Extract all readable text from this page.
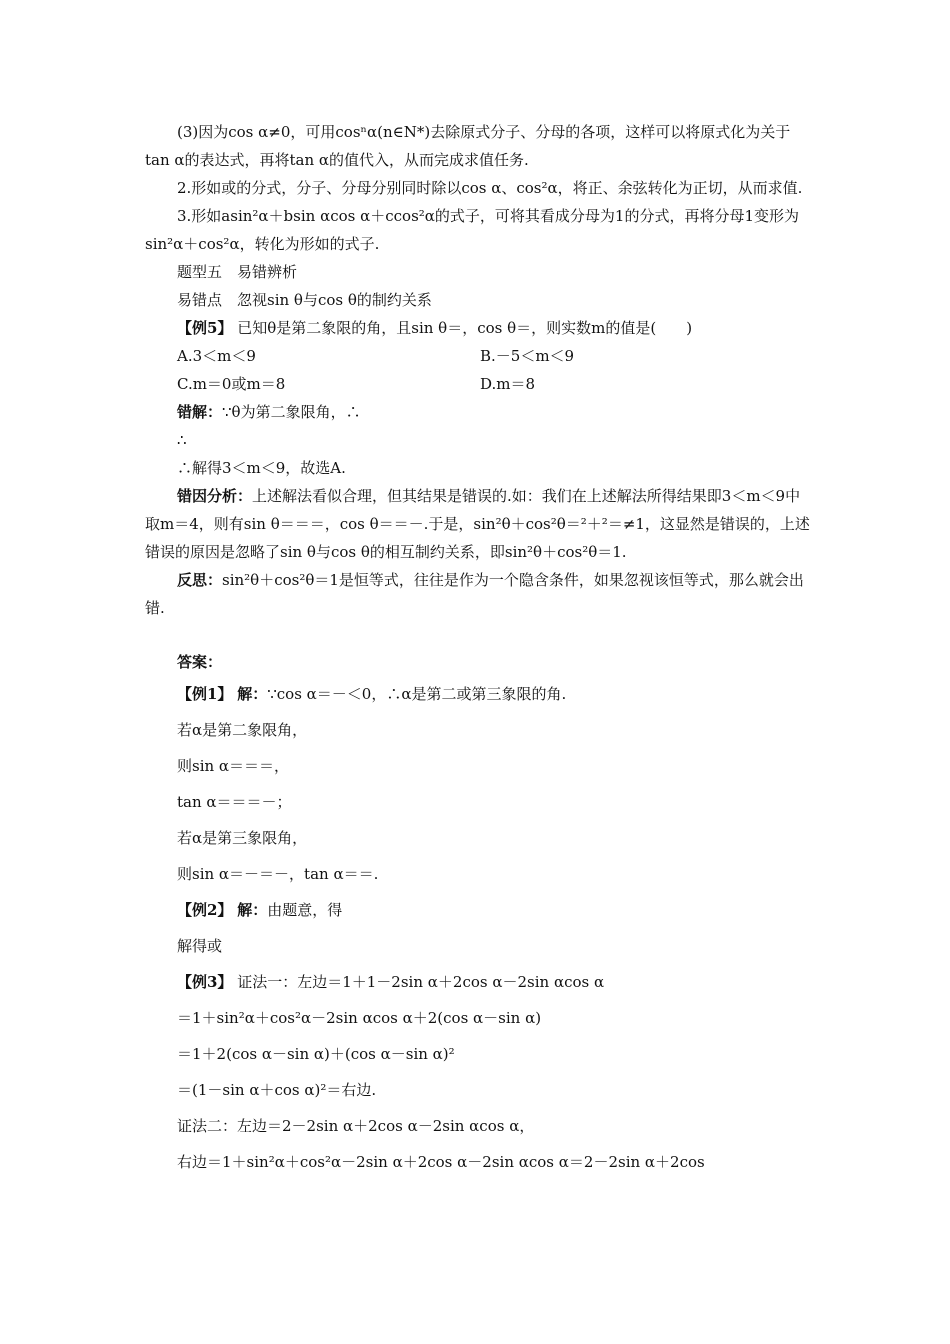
(3)因为cos α≠0，可用cosⁿα(n∈N*)去除原式分子、分母的各项，这样可以将原式化为关于tan α的表达式，再将tan α的值代入，从而完成求值任务.

2.形如或的分式，分子、分母分别同时除以cos α、cos²α，将正、余弦转化为正切，从而求值.

3.形如asin²α＋bsin αcos α＋ccos²α的式子，可将其看成分母为1的分式，再将分母1变形为sin²α＋cos²α，转化为形如的式子.

题型五　易错辨析

易错点　忽视sin θ与cos θ的制约关系

【例5】 已知θ是第二象限的角，且sin θ＝，cos θ＝，则实数m的值是(　　)

A.3＜m＜9	B.－5＜m＜9
C.m＝0或m＝8	D.m＝8

错解：∵θ为第二象限角，∴

∴

∴解得3＜m＜9，故选A.

错因分析：上述解法看似合理，但其结果是错误的.如：我们在上述解法所得结果即3＜m＜9中取m＝4，则有sin θ＝＝＝，cos θ＝＝－.于是，sin²θ＋cos²θ＝²＋²＝≠1，这显然是错误的，上述错误的原因是忽略了sin θ与cos θ的相互制约关系，即sin²θ＋cos²θ＝1.

反思：sin²θ＋cos²θ＝1是恒等式，往往是作为一个隐含条件，如果忽视该恒等式，那么就会出错.

答案：

【例1】 解：∵cos α＝－＜0，∴α是第二或第三象限的角.

若α是第二象限角，

则sin α＝＝＝，

tan α＝＝＝－；

若α是第三象限角，

则sin α＝－＝－，tan α＝＝.

【例2】 解：由题意，得

解得或

【例3】 证法一：左边＝1＋1－2sin α＋2cos α－2sin αcos α

＝1＋sin²α＋cos²α－2sin αcos α＋2(cos α－sin α)

＝1＋2(cos α－sin α)＋(cos α－sin α)²

＝(1－sin α＋cos α)²＝右边.

证法二：左边＝2－2sin α＋2cos α－2sin αcos α，

右边＝1＋sin²α＋cos²α－2sin α＋2cos α－2sin αcos α＝2－2sin α＋2cos
